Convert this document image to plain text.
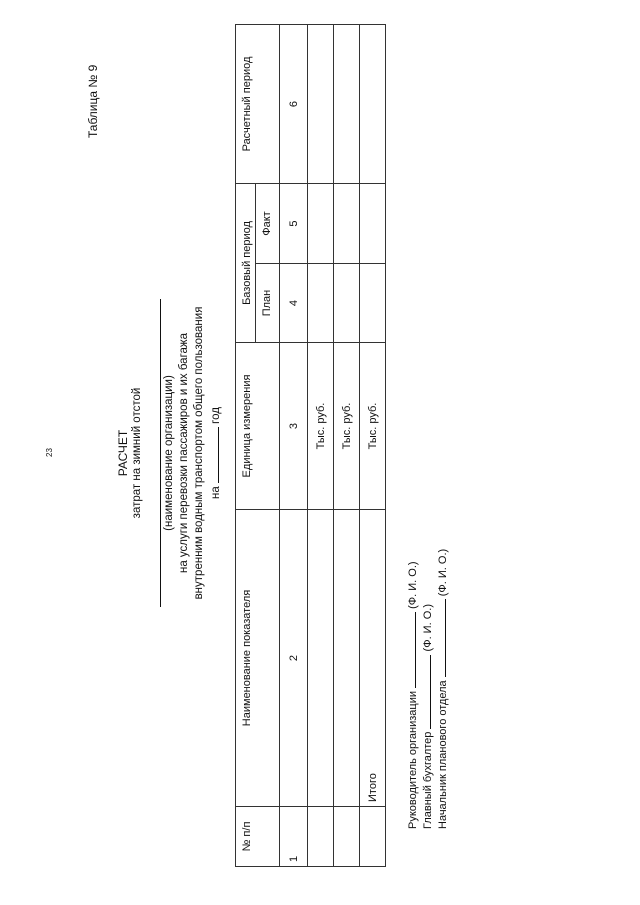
23
Таблица № 9
РАСЧЕТ затрат на зимний отстой (наименование организации) на услуги перевозки пассажиров и их багажа внутренним водным транспортом общего пользования на  год
№ п/п	Наименование показателя	Единица измерения	Базовый период		Расчетный период
			План	Факт	
1	2	3	4	5	6
		Тыс. руб.			
		Тыс. руб.			
	Итого	Тыс. руб.			
Руководитель организации  (Ф. И. О.)
Главный бухгалтер  (Ф. И. О.)
Начальник планового отдела  (Ф. И. О.)
